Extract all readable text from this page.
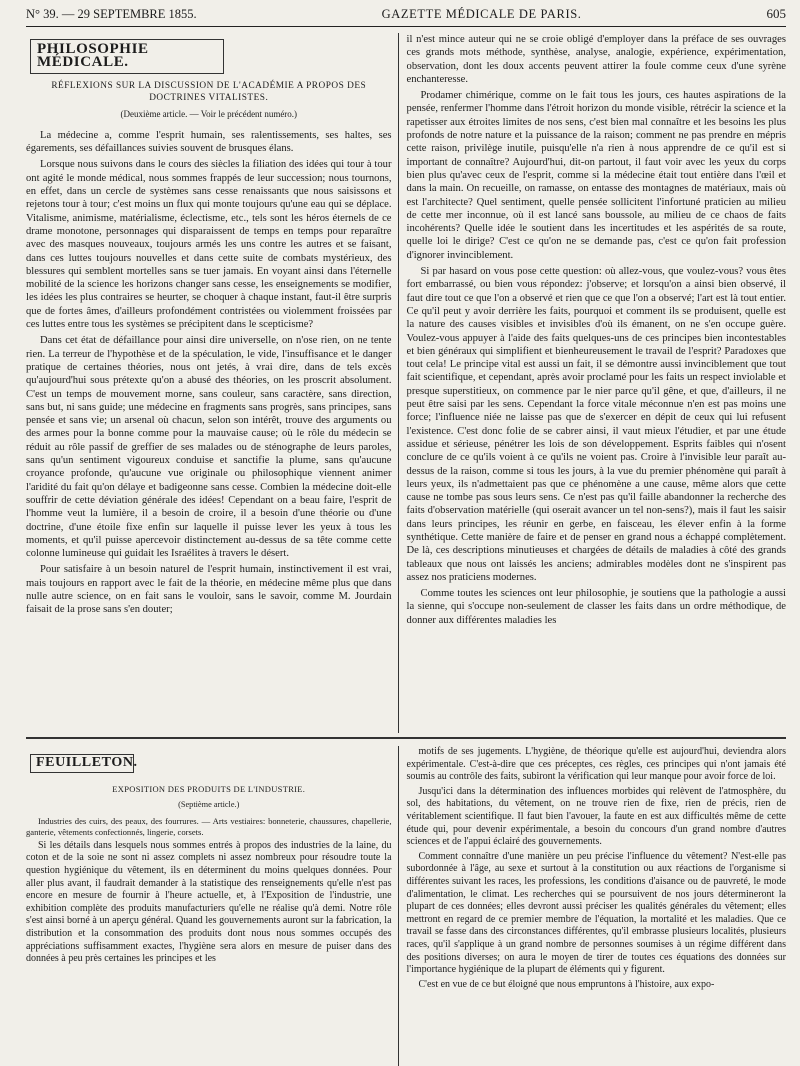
N° 39. — 29 SEPTEMBRE 1855.	GAZETTE MÉDICALE DE PARIS.	605
PHILOSOPHIE MÉDICALE.
RÉFLEXIONS SUR LA DISCUSSION DE L'ACADÉMIE A PROPOS DES DOCTRINES VITALISTES.
(Deuxième article. — Voir le précédent numéro.)

La médecine a, comme l'esprit humain, ses ralentissements, ses haltes, ses égarements, ses défaillances suivies souvent de brusques élans.

Lorsque nous suivons dans le cours des siècles la filiation des idées qui tour à tour ont agité le monde médical, nous sommes frappés de leur succession; nous tournons, en effet, dans un cercle de systèmes sans cesse renaissants que nous saisissons et rejetons tour à tour; c'est moins un flux qui monte toujours qu'une eau qui se déplace. Vitalisme, animisme, matérialisme, éclectisme, etc., tels sont les héros éternels de ce drame monotone, personnages qui disparaissent de temps en temps pour reparaître avec des masques nouveaux, toujours armés les uns contre les autres et se faisant, dans ces luttes toujours nouvelles et dans cette suite de combats mystérieux, des blessures qui semblent mortelles sans se tuer jamais. En voyant ainsi dans l'éternelle mobilité de la science les horizons changer sans cesse, les enseignements se modifier, les idées les plus contraires se heurter, se choquer à chaque instant, faut-il être surpris que de fortes âmes, d'ailleurs profondément contristées ou violemment froissées par ces luttes entre tous les systèmes se précipitent dans le scepticisme?

Dans cet état de défaillance pour ainsi dire universelle, on n'ose rien, on ne tente rien. La terreur de l'hypothèse et de la spéculation, le vide, l'insuffisance et le danger pratique de certaines théories, nous ont jetés, à vrai dire, dans de tels excès qu'aujourd'hui sous prétexte qu'on a abusé des théories, on les proscrit absolument. C'est un temps de mouvement morne, sans couleur, sans caractère, sans direction, sans but, ni sans guide; une médecine en fragments sans progrès, sans principes, sans pensée et sans vie; un arsenal où chacun, selon son intérêt, trouve des arguments ou des armes pour la bonne comme pour la mauvaise cause; où le rôle du médecin se réduit au rôle passif de greffier de ses malades ou de sténographe de leurs paroles, sans qu'un sentiment vigoureux conduise et sanctifie la plume, sans qu'aucune croyance profonde, qu'aucune vue originale ou philosophique viennent animer l'aridité du fait qu'on délaye et badigeonne sans cesse. Combien la médecine doit-elle souffrir de cette déviation générale des idées! Cependant on a beau faire, l'esprit de l'homme veut la lumière, il a besoin de croire, il a besoin d'une théorie ou d'une doctrine, d'une étoile fixe enfin sur laquelle il puisse lever les yeux à tous les moments, et qu'il puisse apercevoir distinctement au-dessus de sa tête comme cette colonne lumineuse qui guidait les Israélites à travers le désert.

Pour satisfaire à un besoin naturel de l'esprit humain, instinctivement il est vrai, mais toujours en rapport avec le fait de la théorie, en médecine même plus que dans nulle autre science, on en fait sans le vouloir, sans le savoir, comme M. Jourdain faisait de la prose sans s'en douter;

il n'est mince auteur qui ne se croie obligé d'employer dans la préface de ses ouvrages ces grands mots méthode, synthèse, analyse, analogie, expérience, expérimentation, observation, dont les doux accents peuvent attirer la foule comme ceux d'une syrène enchanteresse.

Prodamer chimérique, comme on le fait tous les jours, ces hautes aspirations de la pensée, renfermer l'homme dans l'étroit horizon du monde visible, rétrécir la science et la rapetisser aux étroites limites de nos sens, c'est bien mal connaître et les besoins les plus profonds de notre nature et la puissance de la raison; comment ne pas prendre en mépris cette raison, privilège inutile, puisqu'elle n'a rien à nous apprendre de ce qu'il est si important de connaître? Aujourd'hui, dit-on partout, il faut voir avec les yeux du corps bien plus qu'avec ceux de l'esprit, comme si la médecine était tout entière dans l'œil et dans la main. On recueille, on ramasse, on entasse des montagnes de matériaux, mais où est l'architecte? Quel sentiment, quelle pensée sollicitent l'infortuné praticien au milieu de cette mer inconnue, où il est lancé sans boussole, au milieu de ce chaos de faits incohérents? Quelle idée le soutient dans les incertitudes et les aspérités de sa route, quelle loi le dirige? C'est ce qu'on ne se demande pas, c'est ce qu'on fait profession d'ignorer invinciblement.

Si par hasard on vous pose cette question: où allez-vous, que voulez-vous? vous êtes fort embarrassé, ou bien vous répondez: j'observe; et lorsqu'on a ainsi bien observé, il faut dire tout ce que l'on a observé et rien que ce que l'on a observé; l'art est là tout entier. Ce qu'il peut y avoir derrière les faits, pourquoi et comment ils se produisent, quelle est la nature des causes visibles et invisibles d'où ils émanent, on ne s'en occupe guère. Voulez-vous appuyer à l'aide des faits quelques-uns de ces principes bien incontestables et bien généraux qui simplifient et bienheureusement le travail de l'esprit? Paradoxes que tout cela! Le principe vital est aussi un fait, il se démontre aussi invinciblement que tout fait scientifique, et cependant, après avoir proclamé pour les faits un respect inviolable et presque superstitieux, on commence par le nier parce qu'il gêne, et que, d'ailleurs, il ne peut être saisi par les sens. Cependant la force vitale méconnue n'en est pas moins une force; l'influence niée ne laisse pas que de s'exercer en dépit de ceux qui lui refusent l'existence. C'est donc folie de se cabrer ainsi, il vaut mieux l'étudier, et par une étude assidue et sérieuse, pénétrer les lois de son développement. Esprits faibles qui n'osent conclure de ce qu'ils voient à ce qu'ils ne voient pas. Croire à l'invisible leur paraît au-dessus de la raison, comme si tous les jours, à la vue du premier phénomène qui paraît à leurs yeux, ils n'admettaient pas que ce phénomène a une cause, même alors que cette cause ne tombe pas sous leurs sens. Ce n'est pas qu'il faille abandonner la recherche des faits d'observation matérielle (qui oserait avancer un tel non-sens?), mais il faut les saisir dans leurs principes, les réunir en gerbe, en faisceau, les élever enfin à la forme synthétique. Cette manière de faire et de penser en grand nous a échappé complètement. De là, ces descriptions minutieuses et chargées de détails de maladies à côté des grands tableaux que nous ont laissés les anciens; admirables modèles dont ne s'inspirent pas assez nos praticiens modernes.

Comme toutes les sciences ont leur philosophie, je soutiens que la pathologie a aussi la sienne, qui s'occupe non-seulement de classer les faits dans un ordre méthodique, de donner aux différentes maladies les

FEUILLETON.
EXPOSITION DES PRODUITS DE L'INDUSTRIE.
(Septième article.)

Industries des cuirs, des peaux, des fourrures. — Arts vestiaires: bonneterie, chaussures, chapellerie, ganterie, vêtements confectionnés, lingerie, corsets.

Si les détails dans lesquels nous sommes entrés à propos des industries de la laine, du coton et de la soie ne sont ni assez complets ni assez nombreux pour résoudre toute la question hygiénique du vêtement, ils en déterminent du moins quelques données. Pour aller plus avant, il faudrait demander à la statistique des renseignements qu'elle n'est pas encore en mesure de fournir à l'heure actuelle, et, à l'Exposition de l'industrie, une exhibition complète des produits manufacturiers qu'elle ne réalise qu'à demi. Notre rôle s'est ainsi borné à un aperçu général. Quand les gouvernements auront sur la fabrication, la distribution et la consommation des produits dont nous nous sommes occupés des appréciations suffisamment exactes, l'hygiène sera alors en mesure de puiser dans des données à peu près certaines les principes et les

motifs de ses jugements. L'hygiène, de théorique qu'elle est aujourd'hui, deviendra alors expérimentale. C'est-à-dire que ces préceptes, ces règles, ces principes qui n'ont jamais été soumis au contrôle des faits, subiront la vérification qui leur manque pour avoir force de loi.

Jusqu'ici dans la détermination des influences morbides qui relèvent de l'atmosphère, du sol, des habitations, du vêtement, on ne trouve rien de fixe, rien de précis, rien de véritablement scientifique. Il faut bien l'avouer, la faute en est aux difficultés même de cette étude qui, pour devenir expérimentale, a besoin du concours d'un grand nombre d'autres sciences et de l'appui éclairé des gouvernements.

Comment connaître d'une manière un peu précise l'influence du vêtement? N'est-elle pas subordonnée à l'âge, au sexe et surtout à la constitution ou aux réactions de l'organisme si différentes suivant les races, les professions, les conditions d'aisance ou de pauvreté, le mode d'alimentation, le climat. Les recherches qui se poursuivent de nos jours détermineront la plupart de ces données; elles devront aussi préciser les qualités générales du vêtement; elles mettront en regard de ce premier membre de l'équation, la mortalité et les maladies. Que ce travail se fasse dans des circonstances différentes, qu'il embrasse plusieurs localités, plusieurs races, qu'il s'applique à un grand nombre de personnes soumises à un régime différent dans des positions diverses; on aura le moyen de tirer de toutes ces équations des données sur l'importance hygiénique de la plupart de éléments qui y figurent.

C'est en vue de ce but éloigné que nous empruntons à l'histoire, aux expo-
